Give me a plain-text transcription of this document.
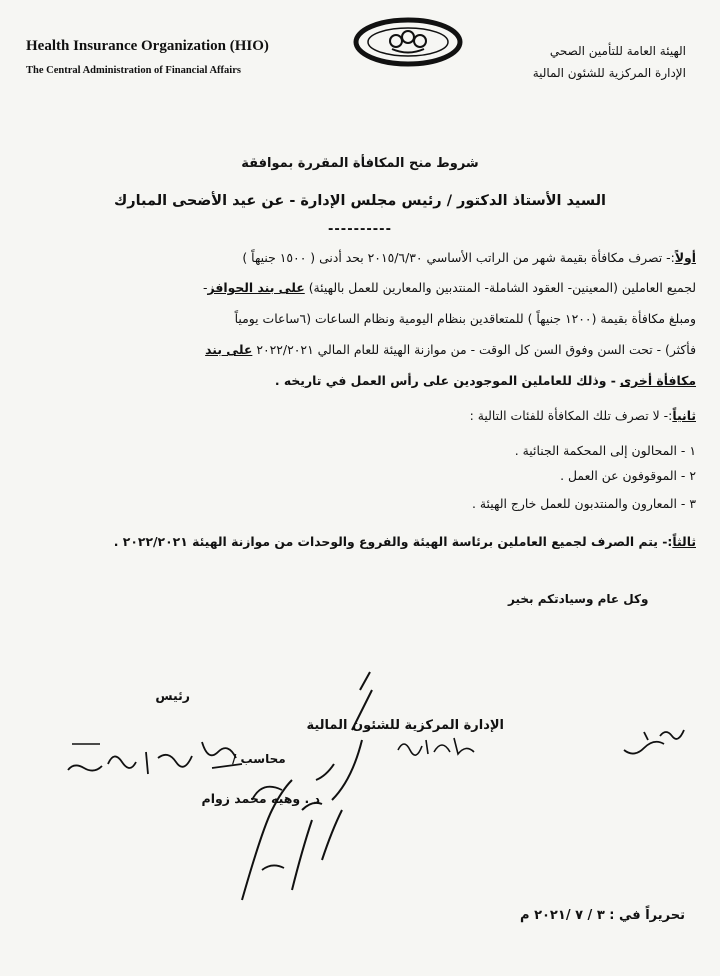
Health Insurance Organization (HIO)

The Central Administration of Financial Affairs

الهيئة العامة للتأمين الصحي
الإدارة المركزية للشئون المالية
شروط منح المكافأة المقررة بموافقة
السيد الأستاذ الدكتور / رئيس مجلس الإدارة - عن عيد الأضحى المبارك
----------

أولاً:- تصرف مكافأة بقيمة شهر من الراتب الأساسي ٢٠١٥/٦/٣٠ بحد أدنى ( ١٥٠٠ جنيهاً )

لجميع العاملين (المعينين- العقود الشاملة- المنتدبين والمعارين للعمل بالهيئة) على بند الحوافز-

ومبلغ مكافأة بقيمة (١٢٠٠ جنيهاً ) للمتعاقدين بنظام اليومية ونظام الساعات (٦ساعات يومياً

فأكثر) - تحت السن وفوق السن كل الوقت - من موازنة الهيئة للعام المالي ٢٠٢٢/٢٠٢١ على بند

مكافأة أخرى - وذلك للعاملين الموجودين على رأس العمل في تاريخه .

ثانياً:- لا تصرف تلك المكافأة للفئات التالية :

١ - المحالون إلى المحكمة الجنائية .

٢ - الموقوفون عن العمل .

٣ - المعارون والمنتدبون للعمل خارج الهيئة .

ثالثاً:- يتم الصرف لجميع العاملين برئاسة الهيئة والفروع والوحدات من موازنة الهيئة ٢٠٢٢/٢٠٢١ .

وكل عام وسيادتكم بخير
رئيس
الإدارة المركزية للشئون المالية
محاسب /
د . وهيه محمد زوام
تحريراً في : ٣ / ٧ /٢٠٢١ م
